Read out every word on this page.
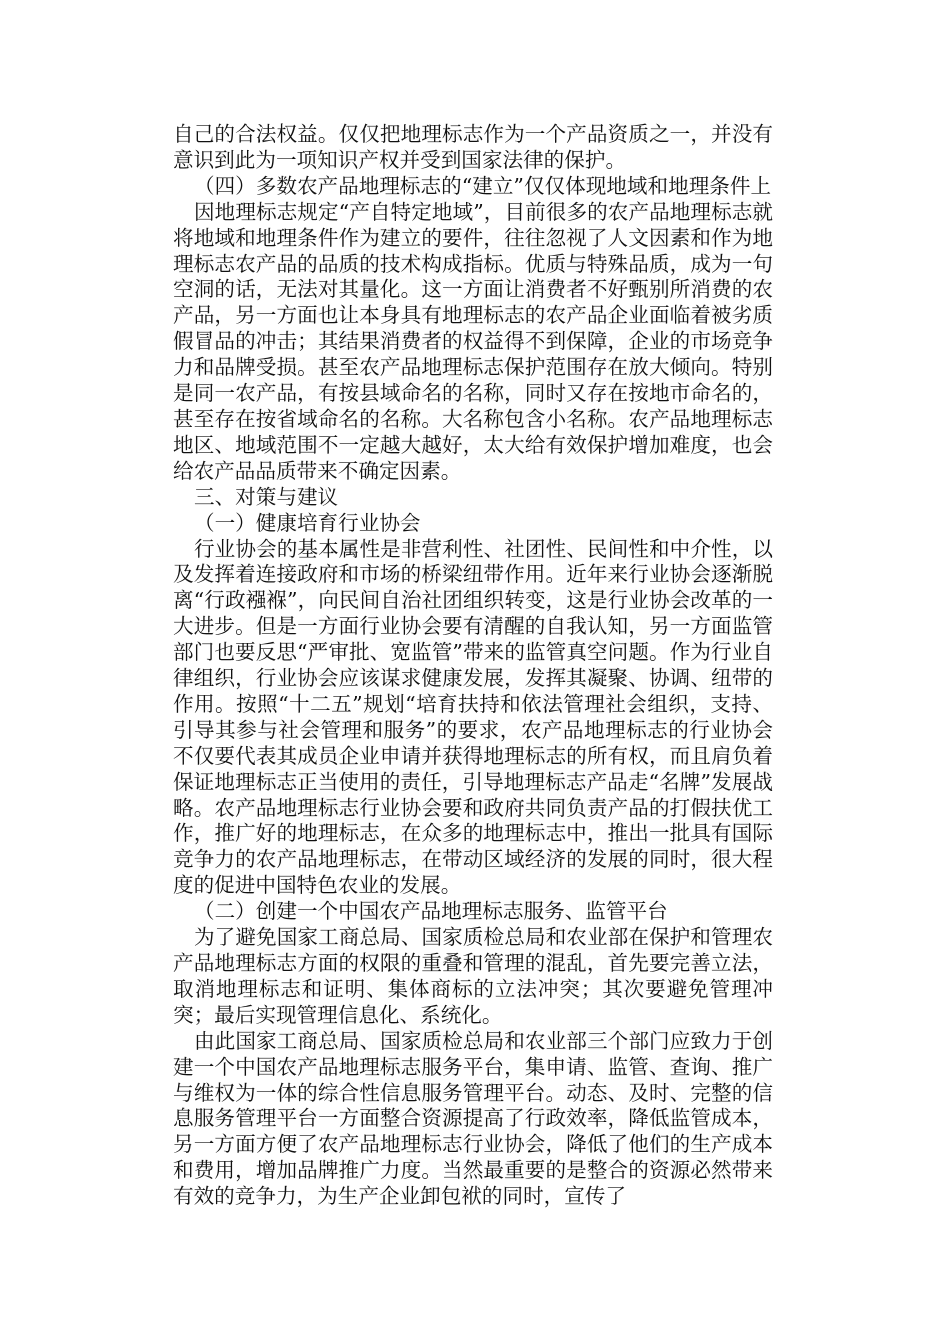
自己的合法权益。仅仅把地理标志作为一个产品资质之一，并没有意识到此为一项知识产权并受到国家法律的保护。

（四）多数农产品地理标志的“建立”仅仅体现地域和地理条件上

因地理标志规定“产自特定地域”，目前很多的农产品地理标志就将地域和地理条件作为建立的要件，往往忽视了人文因素和作为地理标志农产品的品质的技术构成指标。优质与特殊品质，成为一句空洞的话，无法对其量化。这一方面让消费者不好甄别所消费的农产品，另一方面也让本身具有地理标志的农产品企业面临着被劣质假冒品的冲击；其结果消费者的权益得不到保障，企业的市场竞争力和品牌受损。甚至农产品地理标志保护范围存在放大倾向。特别是同一农产品，有按县域命名的名称，同时又存在按地市命名的，甚至存在按省域命名的名称。大名称包含小名称。农产品地理标志地区、地域范围不一定越大越好，太大给有效保护增加难度，也会给农产品品质带来不确定因素。

三、对策与建议

（一）健康培育行业协会

行业协会的基本属性是非营利性、社团性、民间性和中介性，以及发挥着连接政府和市场的桥梁纽带作用。近年来行业协会逐渐脱离“行政襁褓”，向民间自治社团组织转变，这是行业协会改革的一大进步。但是一方面行业协会要有清醒的自我认知，另一方面监管部门也要反思“严审批、宽监管”带来的监管真空问题。作为行业自律组织，行业协会应该谋求健康发展，发挥其凝聚、协调、纽带的作用。按照“十二五”规划“培育扶持和依法管理社会组织，支持、引导其参与社会管理和服务”的要求，农产品地理标志的行业协会不仅要代表其成员企业申请并获得地理标志的所有权，而且肩负着保证地理标志正当使用的责任，引导地理标志产品走“名牌”发展战略。农产品地理标志行业协会要和政府共同负责产品的打假扶优工作，推广好的地理标志，在众多的地理标志中，推出一批具有国际竞争力的农产品地理标志，在带动区域经济的发展的同时，很大程度的促进中国特色农业的发展。

（二）创建一个中国农产品地理标志服务、监管平台

为了避免国家工商总局、国家质检总局和农业部在保护和管理农产品地理标志方面的权限的重叠和管理的混乱，首先要完善立法，取消地理标志和证明、集体商标的立法冲突；其次要避免管理冲突；最后实现管理信息化、系统化。

由此国家工商总局、国家质检总局和农业部三个部门应致力于创建一个中国农产品地理标志服务平台，集申请、监管、查询、推广与维权为一体的综合性信息服务管理平台。动态、及时、完整的信息服务管理平台一方面整合资源提高了行政效率，降低监管成本，另一方面方便了农产品地理标志行业协会，降低了他们的生产成本和费用，增加品牌推广力度。当然最重要的是整合的资源必然带来有效的竞争力，为生产企业卸包袱的同时，宣传了
